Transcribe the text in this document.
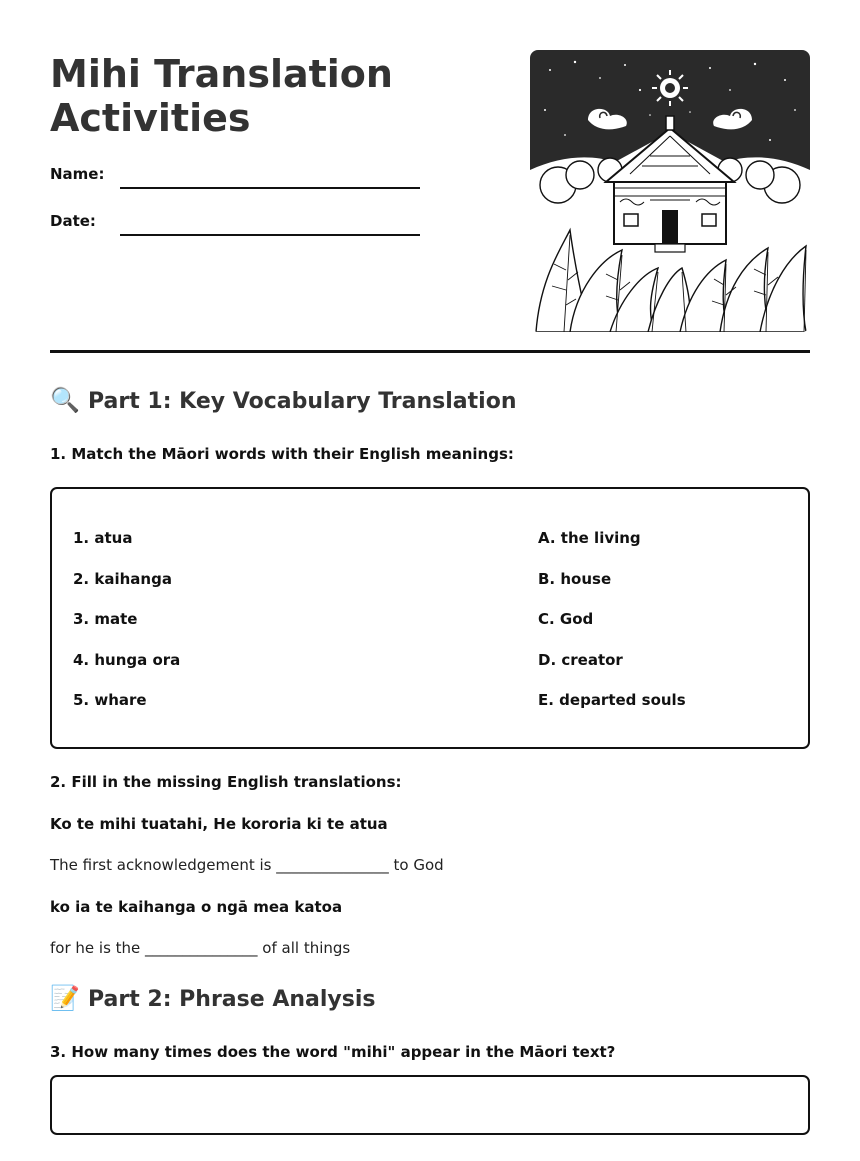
Mihi Translation
Activities
Name:
Date:
🔍 Part 1: Key Vocabulary Translation
1. Match the Māori words with their English meanings:
1. atua
2. kaihanga
3. mate
4. hunga ora
5. whare
A. the living
B. house
C. God
D. creator
E. departed souls
2. Fill in the missing English translations:
Ko te mihi tuatahi, He kororia ki te atua
The first acknowledgement is _______________ to God
ko ia te kaihanga o ngā mea katoa
for he is the _______________ of all things
📝 Part 2: Phrase Analysis
3. How many times does the word "mihi" appear in the Māori text?
